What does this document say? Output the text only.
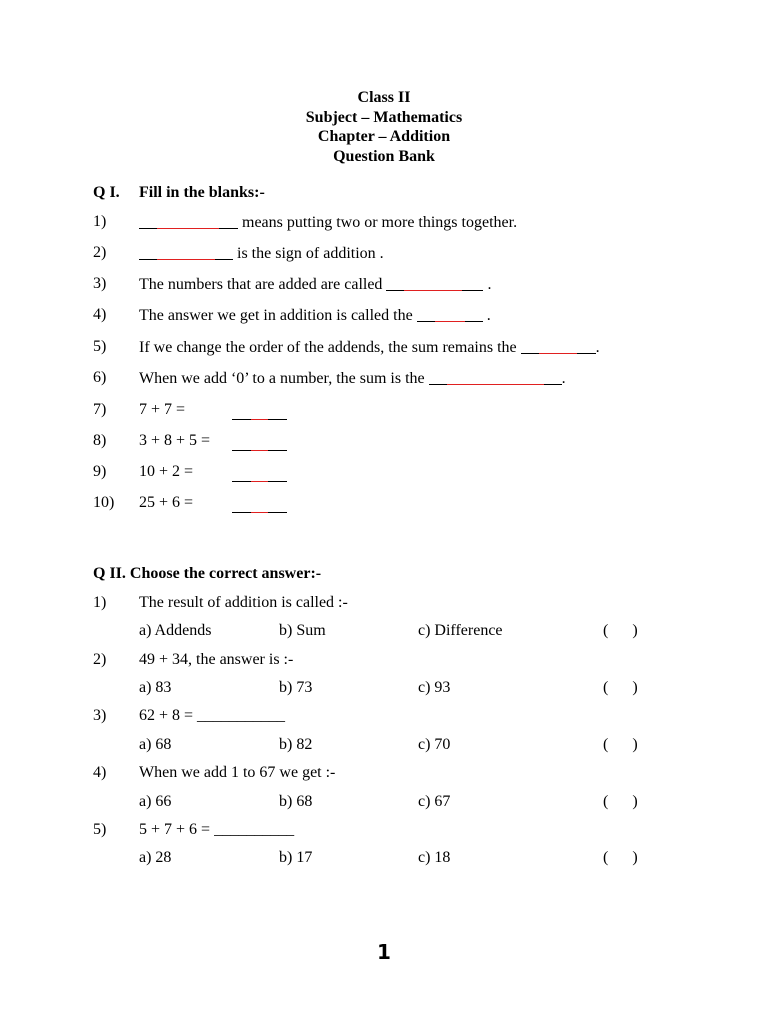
Class II
Subject – Mathematics
Chapter – Addition
Question Bank
Q I. Fill in the blanks:-
1)	means putting two or more things together.
2)	is the sign of addition .
3)	The numbers that are added are called	.
4)	The answer we get in addition is called the	.
5)	If we change the order of the addends, the sum remains the	.
6)	When we add ‘0’ to a number, the sum is the	.
7)	7 + 7 =
8)	3 + 8 + 5 =
9)	10 + 2 =
10)	25 + 6 =
Q II. Choose the correct answer:-
1)	The result of addition is called :-
a) Addends	b) Sum	c) Difference	(      )
2)	49 + 34, the answer is :-
a) 83	b) 73	c) 93	(      )
3)	62 + 8 = ___________
a) 68	b) 82	c) 70	(      )
4)	When we add 1 to 67 we get :-
a) 66	b) 68	c) 67	(      )
5)	5 + 7 + 6 = __________
a) 28	b) 17	c) 18	(      )
1
